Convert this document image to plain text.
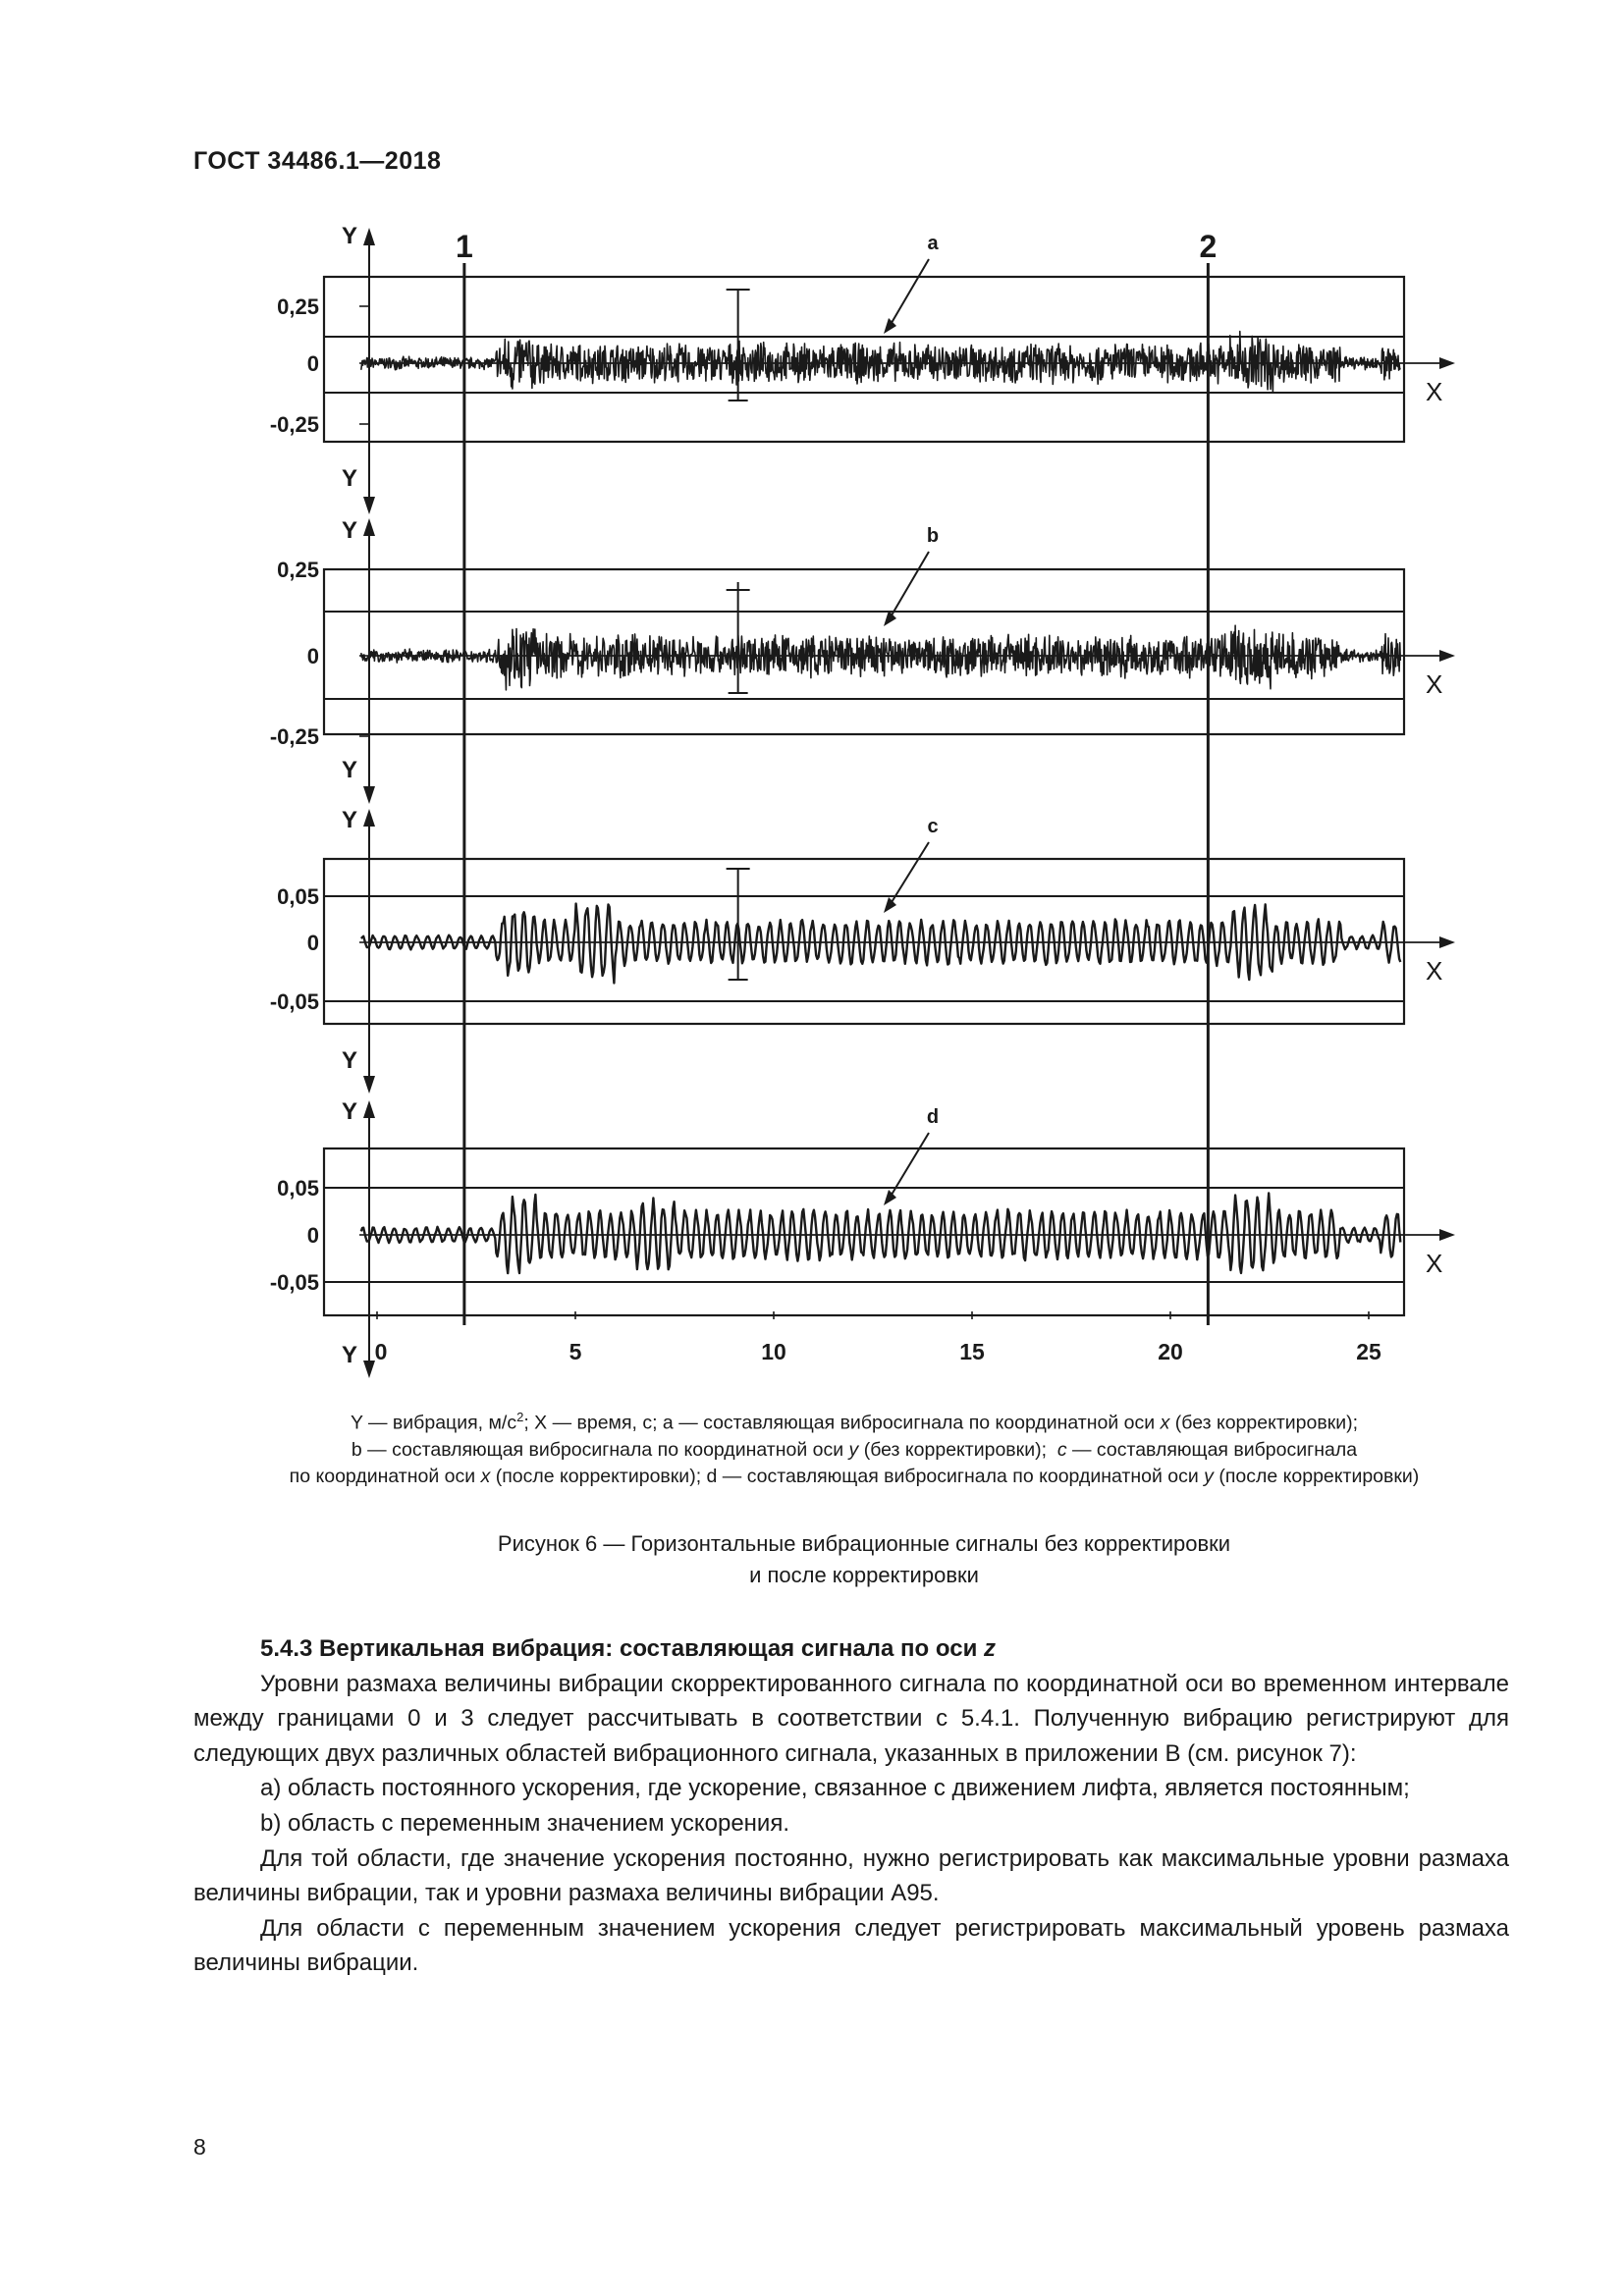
ГОСТ 34486.1—2018
X
Y
Y
0,25
0
-0,25
a
X
Y
Y
0,25
0
-0,25
b
X
Y
Y
0,05
0
-0,05
c
X
Y
Y
0,05
0
-0,05
d
1	2
0	5	10	15	20	25
Y — вибрация, $м/с^2$; X — время, с; a — составляющая вибросигнала по координатной оси x (без корректировки);
b — составляющая вибросигнала по координатной оси y (без корректировки);  c — составляющая вибросигнала
по координатной оси x (после корректировки); d — составляющая вибросигнала по координатной оси y (после корректировки)
Рисунок 6 — Горизонтальные вибрационные сигналы без корректировки
и после корректировки
5.4.3 Вертикальная вибрация: составляющая сигнала по оси z

Уровни размаха величины вибрации скорректированного сигнала по координатной оси во временном интервале между границами 0 и 3 следует рассчитывать в соответствии с 5.4.1. Полученную вибрацию регистрируют для следующих двух различных областей вибрационного сигнала, указанных в приложении B (см. рисунок 7):

a) область постоянного ускорения, где ускорение, связанное с движением лифта, является постоянным;

b) область с переменным значением ускорения.

Для той области, где значение ускорения постоянно, нужно регистрировать как максимальные уровни размаха величины вибрации, так и уровни размаха величины вибрации A95.

Для области с переменным значением ускорения следует регистрировать максимальный уровень размаха величины вибрации.

8
